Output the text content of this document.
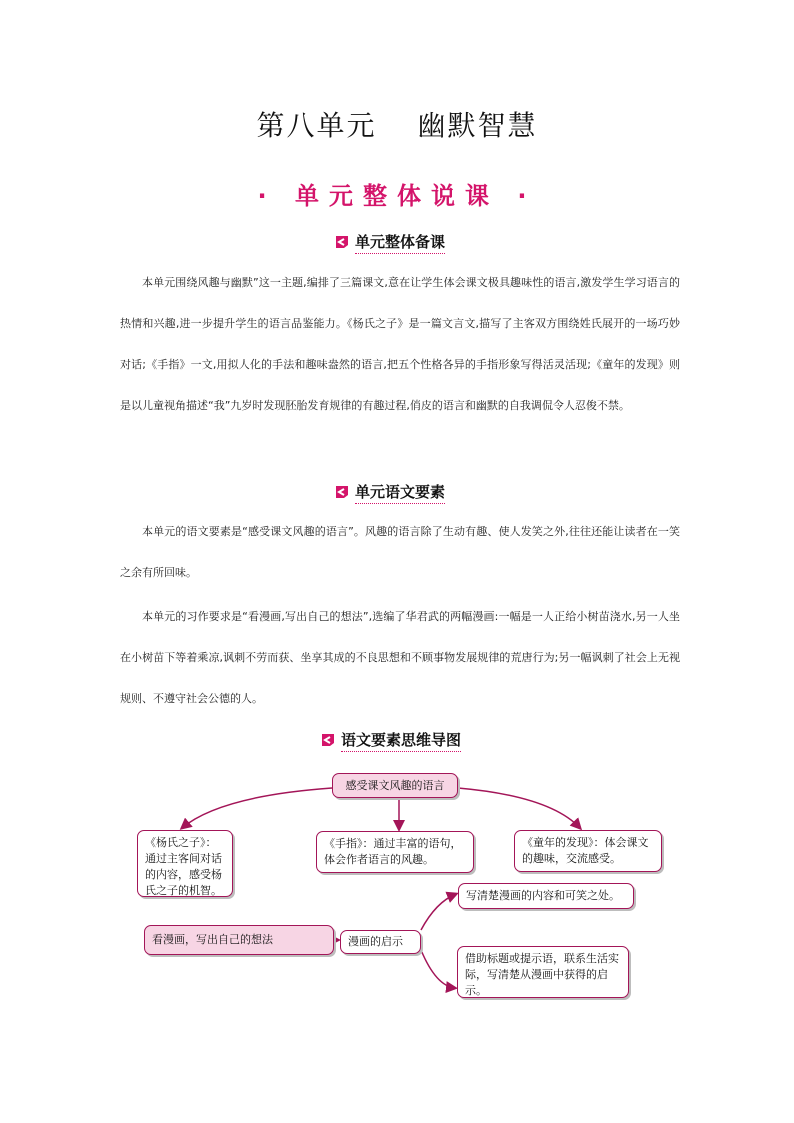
第八单元　 幽默智慧
· 单元整体说课 ·
单元整体备课

本单元围绕风趣与幽默”这一主题,编排了三篇课文,意在让学生体会课文极具趣味性的语言,激发学生学习语言的热情和兴趣,进一步提升学生的语言品鉴能力。《杨氏之子》是一篇文言文,描写了主客双方围绕姓氏展开的一场巧妙对话;《手指》一文,用拟人化的手法和趣味盎然的语言,把五个性格各异的手指形象写得活灵活现;《童年的发现》则是以儿童视角描述“我”九岁时发现胚胎发育规律的有趣过程,俏皮的语言和幽默的自我调侃令人忍俊不禁。

单元语文要素

本单元的语文要素是“感受课文风趣的语言”。风趣的语言除了生动有趣、使人发笑之外,往往还能让读者在一笑之余有所回味。

本单元的习作要求是“看漫画,写出自己的想法”,选编了华君武的两幅漫画:一幅是一人正给小树苗浇水,另一人坐在小树苗下等着乘凉,讽刺不劳而获、坐享其成的不良思想和不顾事物发展规律的荒唐行为;另一幅讽刺了社会上无视规则、不遵守社会公德的人。

语文要素思维导图
感受课文风趣的语言
《杨氏之子》：通过主客间对话的内容，感受杨氏之子的机智。
《手指》：通过丰富的语句，体会作者语言的风趣。
《童年的发现》：体会课文的趣味，交流感受。
看漫画，写出自己的想法	漫画的启示
写清楚漫画的内容和可笑之处。
借助标题或提示语，联系生活实际，写清楚从漫画中获得的启示。
